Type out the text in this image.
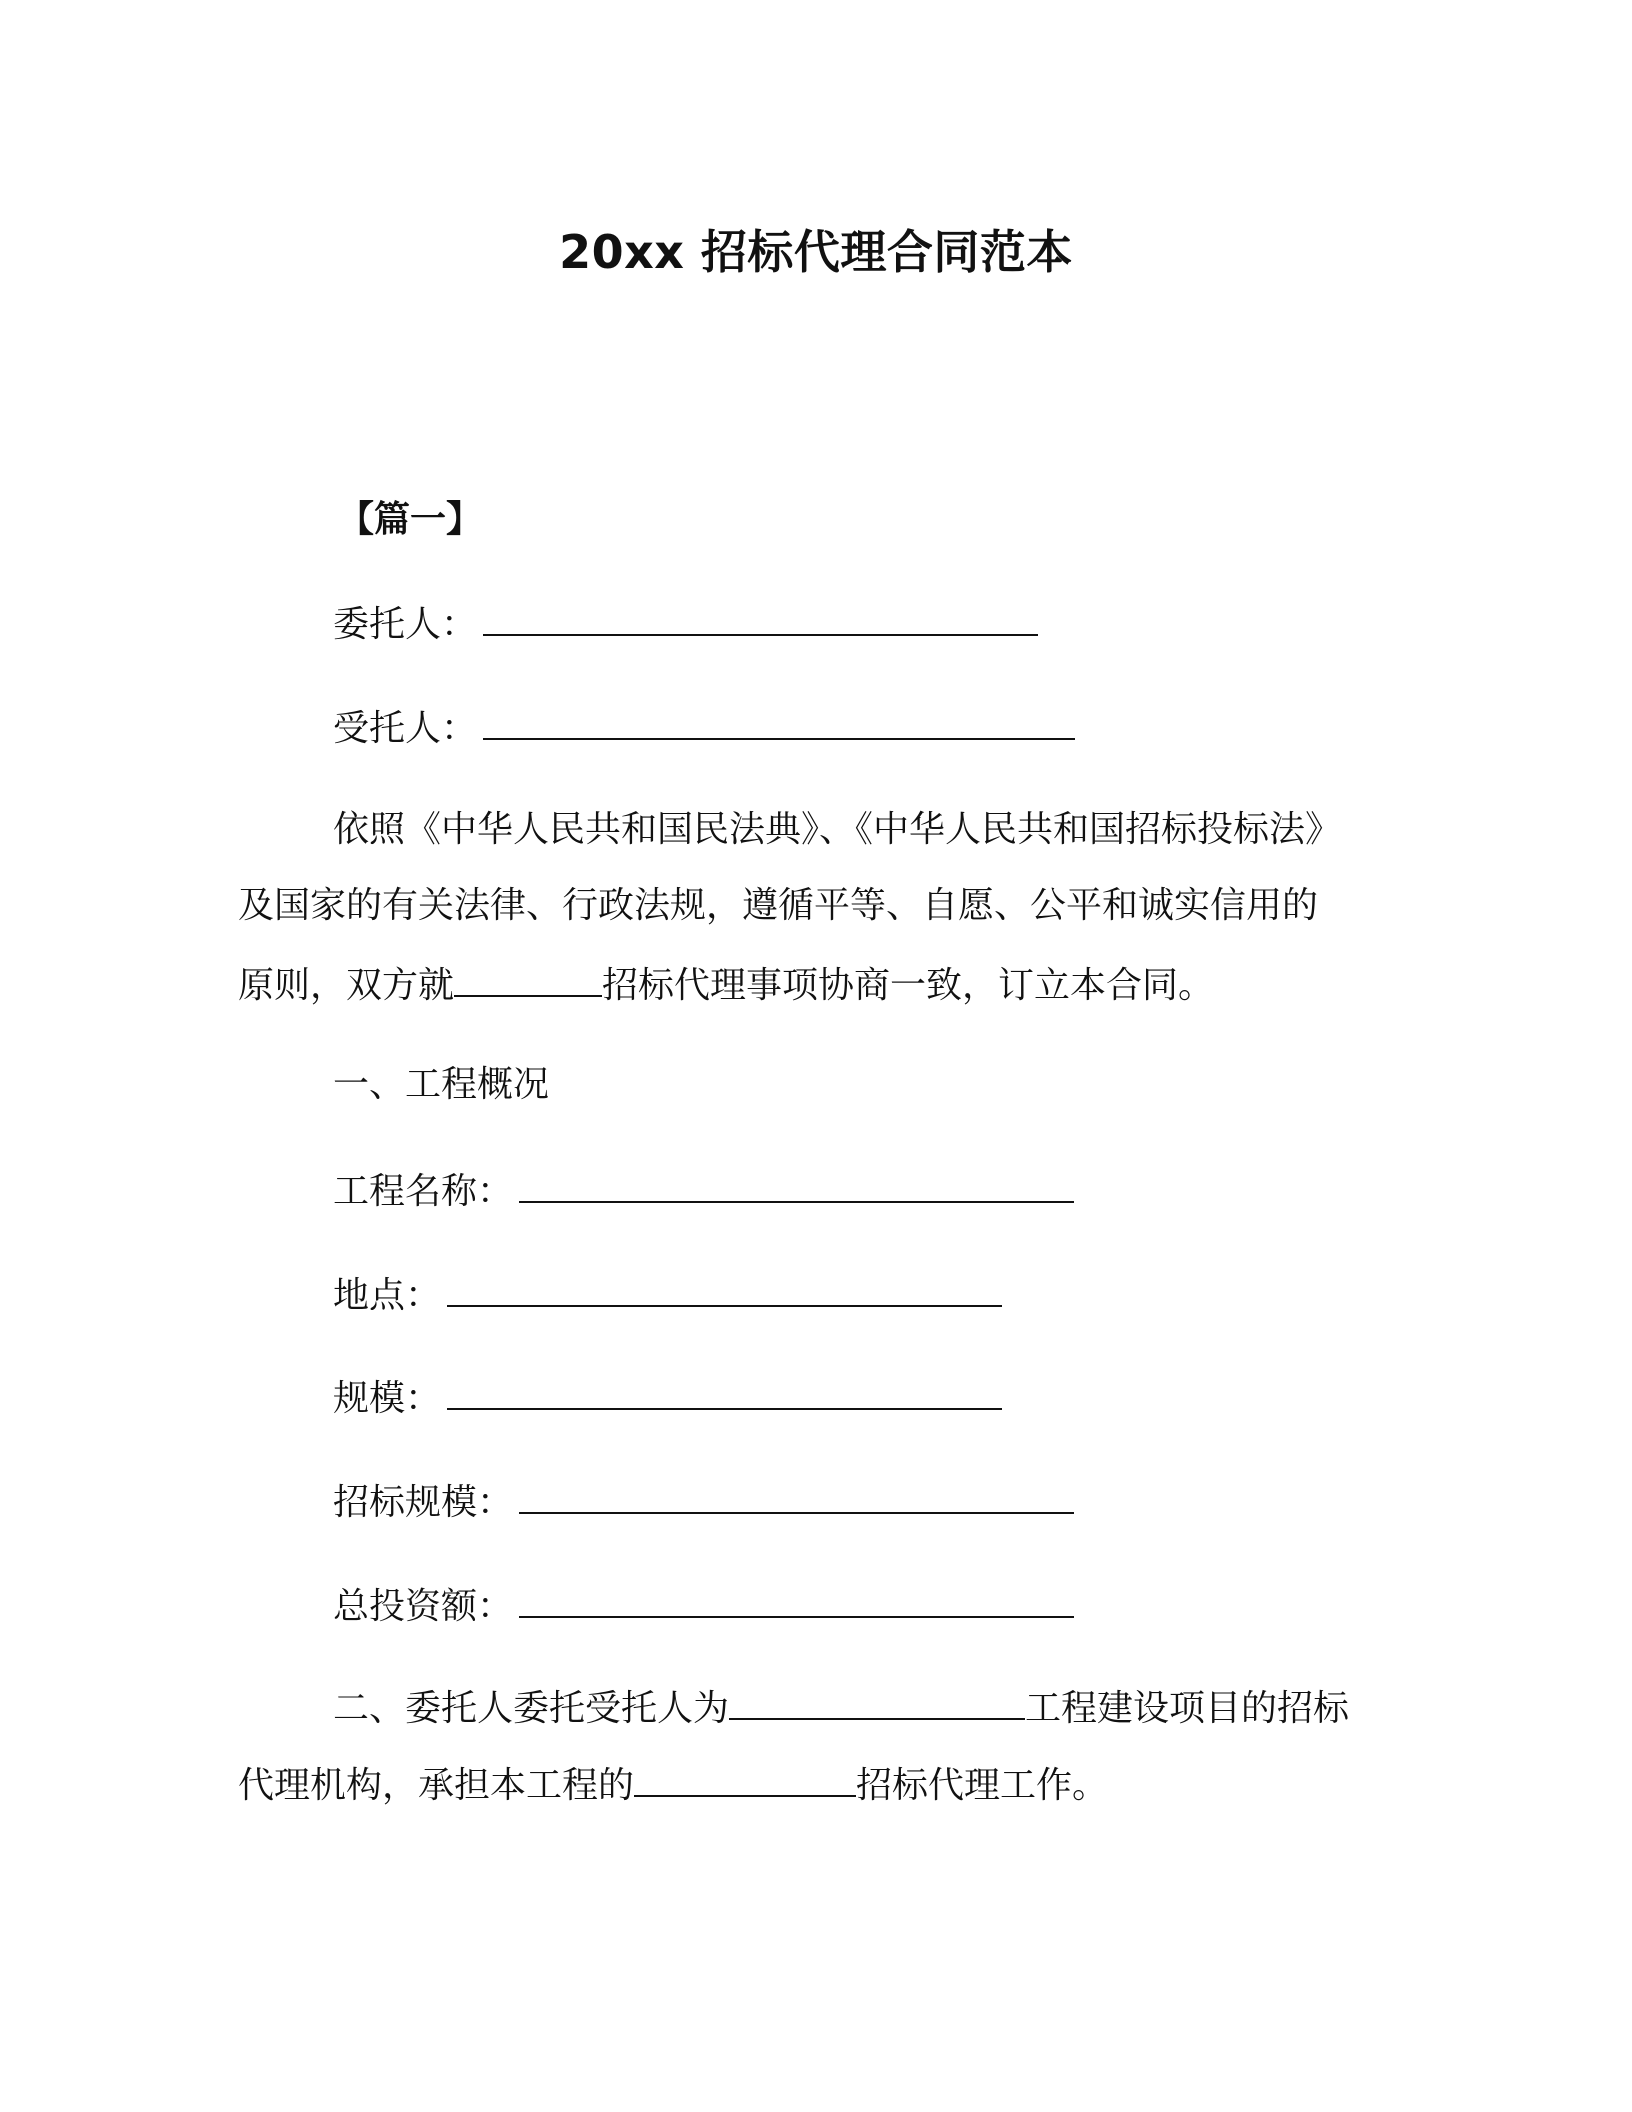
20xx 招标代理合同范本
【篇一】
委托人：
受托人：
依照《中华人民共和国民法典》、《中华人民共和国招标投标法》
及国家的有关法律、行政法规，遵循平等、自愿、公平和诚实信用的
原则，双方就	招标代理事项协商一致，订立本合同。
一、工程概况
工程名称：
地点：
规模：
招标规模：
总投资额：
二、委托人委托受托人为	工程建设项目的招标
代理机构，承担本工程的	招标代理工作。
